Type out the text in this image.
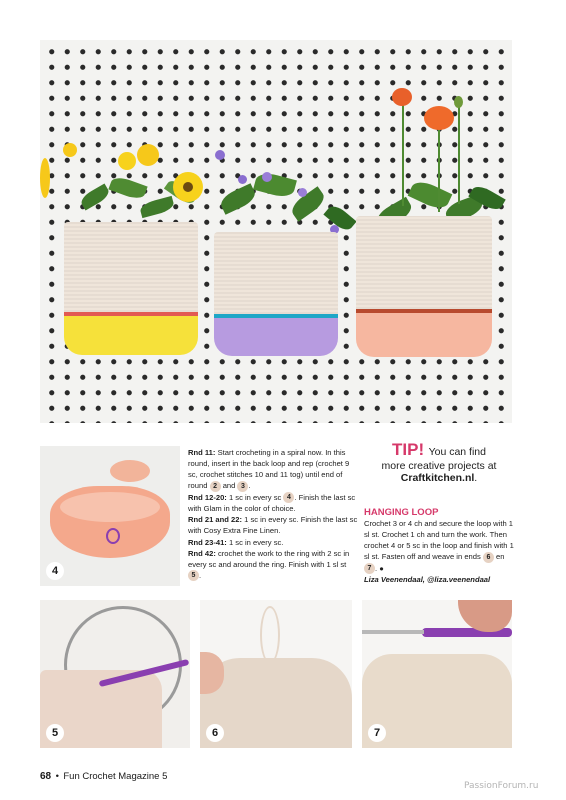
4
Rnd 11: Start crocheting in a spiral now. In this round, insert in the back loop and rep (crochet 9 sc, crochet stitches 10 and 11 tog) until end of round 2 and 3 .
Rnd 12-20: 1 sc in every sc 4 . Finish the last sc with Glam in the color of choice.
Rnd 21 and 22: 1 sc in every sc. Finish the last sc with Cosy Extra Fine Linen.
Rnd 23-41: 1 sc in every sc.
Rnd 42: crochet the work to the ring with 2 sc in every sc and around the ring. Finish with 1 sl st 5 .
TIP! You can find
more creative projects at
Craftkitchen.nl.
HANGING LOOP
Crochet 3 or 4 ch and secure the loop with 1 sl st. Crochet 1 ch and turn the work. Then crochet 4 or 5 sc in the loop and finish with 1 sl st. Fasten off and weave in ends 6 en 7 . ●
Liza Veenendaal, @liza.veenendaal
5	6	7
68 • Fun Crochet Magazine 5
PassionForum.ru
